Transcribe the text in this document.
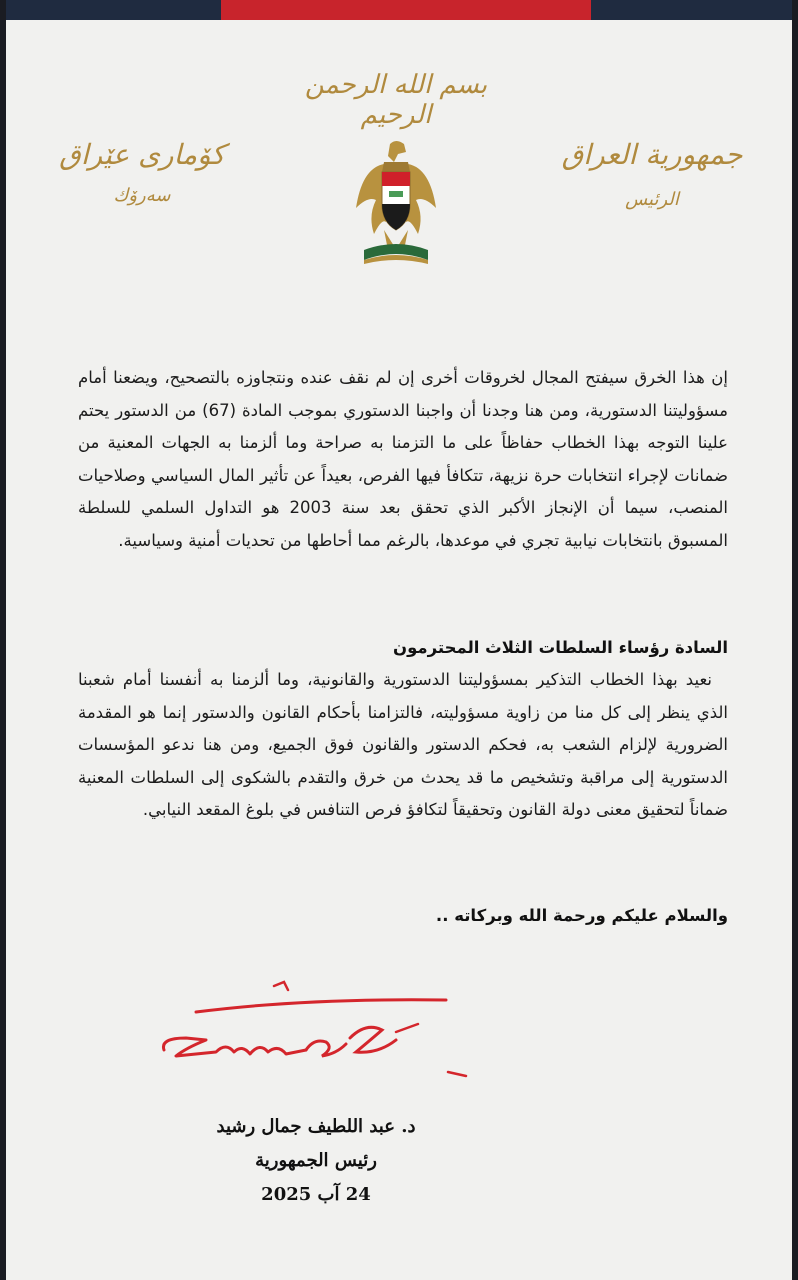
بسم الله الرحمن الرحيم
جمهورية العراق
الرئيس
كۆماری عێراق
سەرۆك
إن هذا الخرق سيفتح المجال لخروقات أخرى إن لم نقف عنده ونتجاوزه بالتصحيح، ويضعنا أمام مسؤوليتنا الدستورية، ومن هنا وجدنا أن واجبنا الدستوري بموجب المادة (67) من الدستور يحتم علينا التوجه بهذا الخطاب حفاظاً على ما التزمنا به صراحة وما ألزمنا به الجهات المعنية من ضمانات لإجراء انتخابات حرة نزيهة، تتكافأ فيها الفرص، بعيداً عن تأثير المال السياسي وصلاحيات المنصب، سيما أن الإنجاز الأكبر الذي تحقق بعد سنة 2003 هو التداول السلمي للسلطة المسبوق بانتخابات نيابية تجري في موعدها، بالرغم مما أحاطها من تحديات أمنية وسياسية.
السادة رؤساء السلطات الثلاث المحترمون
نعيد بهذا الخطاب التذكير بمسؤوليتنا الدستورية والقانونية، وما ألزمنا به أنفسنا أمام شعبنا الذي ينظر إلى كل منا من زاوية مسؤوليته، فالتزامنا بأحكام القانون والدستور إنما هو المقدمة الضرورية لإلزام الشعب به، فحكم الدستور والقانون فوق الجميع، ومن هنا ندعو المؤسسات الدستورية إلى مراقبة وتشخيص ما قد يحدث من خرق والتقدم بالشكوى إلى السلطات المعنية ضماناً لتحقيق معنى دولة القانون وتحقيقاً لتكافؤ فرص التنافس في بلوغ المقعد النيابي.
والسلام عليكم ورحمة الله وبركاته ..
د. عبد اللطيف جمال رشيد
رئيس الجمهورية
24 آب 2025
